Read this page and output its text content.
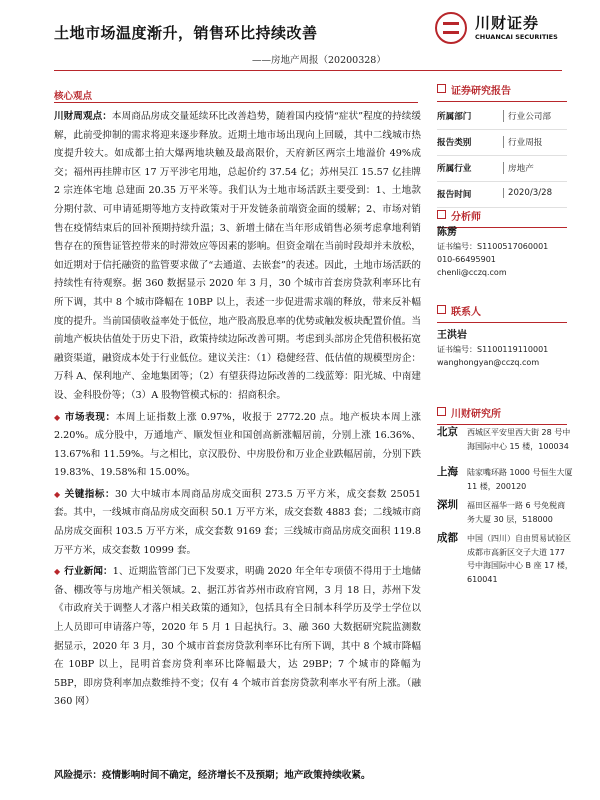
土地市场温度渐升，销售环比持续改善
——房地产周报（20200328）
川财证券
CHUANCAI SECURITIES
核心观点

川财周观点：本周商品房成交量延续环比改善趋势，随着国内疫情“症状”程度的持续缓解，此前受抑制的需求将迎来逐步释放。近期土地市场出现向上回暖，其中二线城市热度提升较大。如成都土拍大爆两地块触及最高限价，天府新区两宗土地溢价 49%成交；福州再挂牌市区 17 万平涉宅用地，总起价约 37.54 亿；苏州吴江 15.57 亿挂牌 2 宗连体宅地 总建面 20.35 万平米等。我们认为土地市场活跃主要受到：1、土地款分期付款、可申请延期等地方支持政策对于开发链条前端资金面的缓解；2、市场对销售在疫情结束后的回补预期持续升温；3、新增土储在当年形成销售必须考虑拿地利销售存在的预售证管控带来的时滞效应等因素的影响。但资金端在当前时段却并未放松，如近期对于信托融资的监管要求做了“去通道、去嵌套”的表述。因此，土地市场活跃的持续性有待观察。据 360 数据显示 2020 年 3 月，30 个城市首套房贷款利率环比有所下调，其中 8 个城市降幅在 10BP 以上，表述一步促进需求端的释放，带来反补幅度的提升。当前国债收益率处于低位，地产股高股息率的优势或触发板块配置价值。当前地产板块估值处于历史下沿，政策持续边际改善可期。考虑到头部房企凭借积极拓宽融资渠道，融资成本处于行业低位。建议关注：（1）稳健经营、低估值的规模型房企：万科 A、保利地产、金地集团等；（2）有望获得边际改善的二线蓝筹：阳光城、中南建设、金科股份等；（3）A 股物管模式标的：招商积余。

◆ 市场表现：本周上证指数上涨 0.97%，收报于 2772.20 点。地产板块本周上涨 2.20%。成分股中，万通地产、顺发恒业和国创高新涨幅居前，分别上涨 16.36%、13.67%和 11.59%。与之相比，京汉股份、中房股份和万业企业跌幅居前，分别下跌 19.83%、19.58%和 15.00%。

◆ 关键指标：30 大中城市本周商品房成交面积 273.5 万平方米，成交套数 25051 套。其中，一线城市商品房成交面积 50.1 万平方米，成交套数 4883 套；二线城市商品房成交面积 103.5 万平方米，成交套数 9169 套；三线城市商品房成交面积 119.8 万平方米，成交套数 10999 套。

◆ 行业新闻：1、近期监管部门已下发要求，明确 2020 年全年专项债不得用于土地储备、棚改等与房地产相关领域。2、据江苏省苏州市政府官网，3 月 18 日，苏州下发《市政府关于调整人才落户相关政策的通知》，包括具有全日制本科学历及学士学位以上人员即可申请落户等，2020 年 5 月 1 日起执行。3、融 360 大数据研究院监测数据显示，2020 年 3 月，30 个城市首套房贷款利率环比有所下调，其中 8 个城市降幅在 10BP 以上，昆明首套房贷利率环比降幅最大，达 29BP；7 个城市的降幅为 5BP，即房贷利率加点数维持不变；仅有 4 个城市首套房贷款利率水平有所上涨。（融 360 网）

风险提示：疫情影响时间不确定，经济增长不及预期；地产政策持续收紧。
证券研究报告
所属部门	行业公司部
报告类别	行业周报
所属行业	房地产
报告时间	2020/3/28
分析师
陈雳
证书编号：S1100517060001
010-66495901
chenli@cczq.com
联系人
王洪岩
证书编号：S1100119110001
wanghongyan@cczq.com
川财研究所
北京 西城区平安里西大街 28 号中海国际中心 15 楼，100034
上海 陆家嘴环路 1000 号恒生大厦 11 楼，200120
深圳 福田区福华一路 6 号免税商务大厦 30 层，518000
成都 中国（四川）自由贸易试验区成都市高新区交子大道 177 号中海国际中心 B 座 17 楼，610041
